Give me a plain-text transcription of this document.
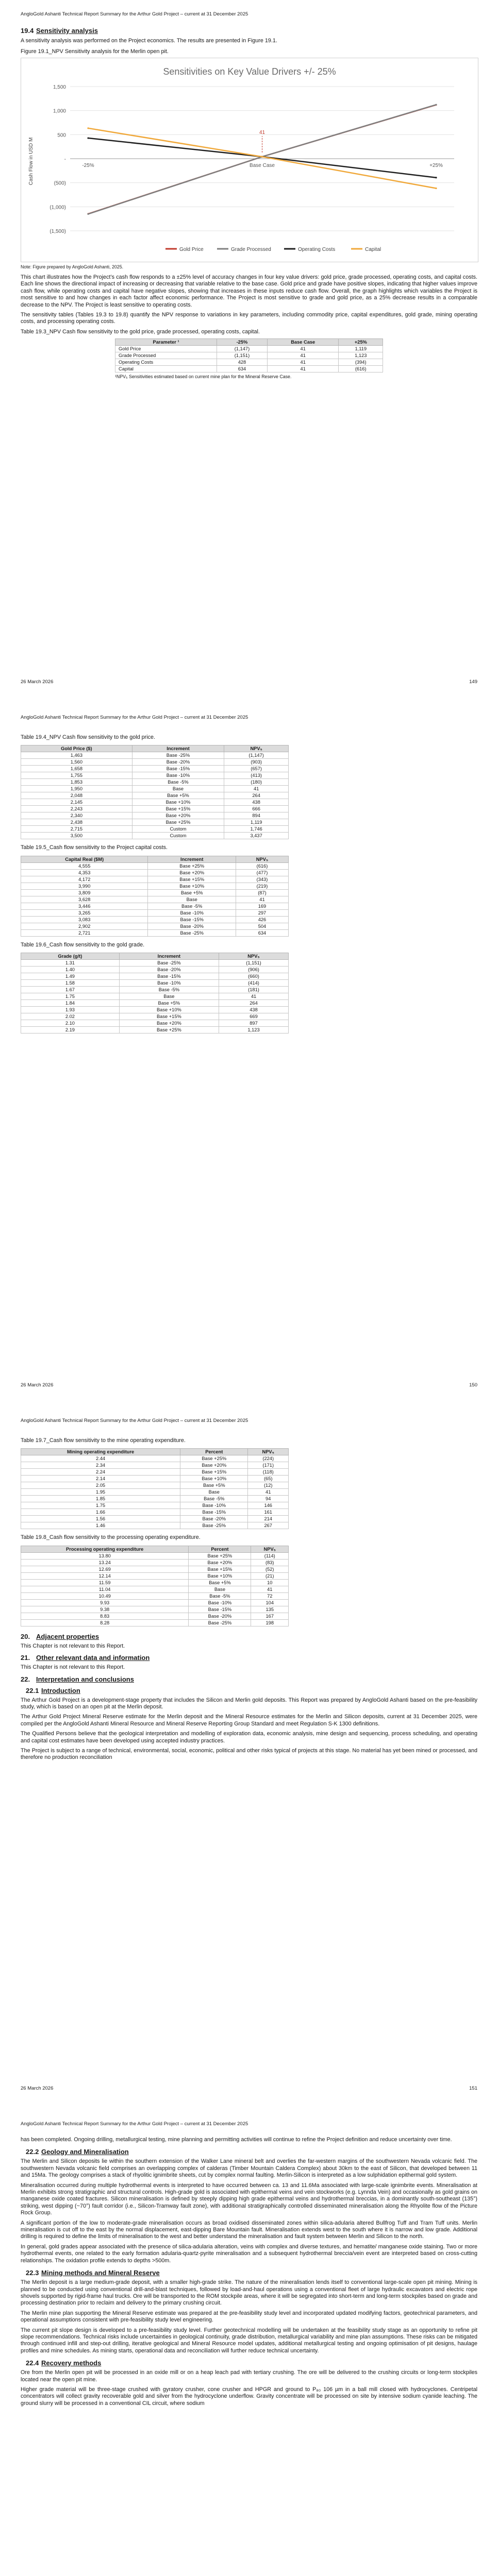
AngloGold Ashanti Technical Report Summary for the Arthur Gold Project – current at 31 December 2025
19.4 Sensitivity analysis

A sensitivity analysis was performed on the Project economics. The results are presented in Figure 19.1.

Figure 19.1_NPV Sensitivity analysis for the Merlin open pit.

Sensitivities on Key Value Drivers +/- 25%
1,500
1,000
500
-
(500)
(1,000)
(1,500)
-25%	Base Case	+25%
41
Cash Flow in USD M
Gold Price	Grade Processed	Operating Costs	Capital

Note: Figure prepared by AngloGold Ashanti, 2025.

This chart illustrates how the Project’s cash flow responds to a ±25% level of accuracy changes in four key value drivers: gold price, grade processed, operating costs, and capital costs. Each line shows the directional impact of increasing or decreasing that variable relative to the base case. Gold price and grade have positive slopes, indicating that higher values improve cash flow, while operating costs and capital have negative slopes, showing that increases in these inputs reduce cash flow. Overall, the graph highlights which variables the Project is most sensitive to and how changes in each factor affect economic performance. The Project is most sensitive to grade and gold price, as a 25% decrease results in a comparable decrease to the NPV. The Project is least sensitive to operating costs.

The sensitivity tables (Tables 19.3 to 19.8) quantify the NPV response to variations in key parameters, including commodity price, capital expenditures, gold grade, mining operating costs, and processing operating costs.

Table 19.3_NPV Cash flow sensitivity to the gold price, grade processed, operating costs, capital.

Parameter ¹	-25%	Base Case	+25%
Gold Price	(1,147)	41	1,119
Grade Processed	(1,151)	41	1,123
Operating Costs	428	41	(394)
Capital	634	41	(616)

¹NPV₅ Sensitivities estimated based on current mine plan for the Mineral Reserve Case.

26 March 2026	149
AngloGold Ashanti Technical Report Summary for the Arthur Gold Project – current at 31 December 2025

Table 19.4_NPV Cash flow sensitivity to the gold price.

Gold Price ($)	Increment	NPV₅
1,463	Base -25%	(1,147)
1,560	Base -20%	(903)
1,658	Base -15%	(657)
1,755	Base -10%	(413)
1,853	Base -5%	(180)
1,950	Base	41
2,048	Base +5%	264
2,145	Base +10%	438
2,243	Base +15%	666
2,340	Base +20%	894
2,438	Base +25%	1,119
2,715	Custom	1,746
3,500	Custom	3,437

Table 19.5_Cash flow sensitivity to the Project capital costs.

Capital Real ($M)	Increment	NPV₅
4,555	Base +25%	(616)
4,353	Base +20%	(477)
4,172	Base +15%	(343)
3,990	Base +10%	(219)
3,809	Base +5%	(87)
3,628	Base	41
3,446	Base -5%	169
3,265	Base -10%	297
3,083	Base -15%	426
2,902	Base -20%	504
2,721	Base -25%	634

Table 19.6_Cash flow sensitivity to the gold grade.

Grade (g/t)	Increment	NPV₅
1.31	Base -25%	(1,151)
1.40	Base -20%	(906)
1.49	Base -15%	(660)
1.58	Base -10%	(414)
1.67	Base -5%	(181)
1.75	Base	41
1.84	Base +5%	264
1.93	Base +10%	438
2.02	Base +15%	669
2.10	Base +20%	897
2.19	Base +25%	1,123
26 March 2026	150
AngloGold Ashanti Technical Report Summary for the Arthur Gold Project – current at 31 December 2025

Table 19.7_Cash flow sensitivity to the mine operating expenditure.

Mining operating expenditure	Percent	NPV₅
2.44	Base +25%	(224)
2.34	Base +20%	(171)
2.24	Base +15%	(118)
2.14	Base +10%	(65)
2.05	Base +5%	(12)
1.95	Base	41
1.85	Base -5%	94
1.75	Base -10%	146
1.66	Base -15%	161
1.56	Base -20%	214
1.46	Base -25%	267

Table 19.8_Cash flow sensitivity to the processing operating expenditure.

Processing operating expenditure	Percent	NPV₅
13.80	Base +25%	(114)
13.24	Base +20%	(83)
12.69	Base +15%	(52)
12.14	Base +10%	(21)
11.59	Base +5%	10
11.04	Base	41
10.49	Base -5%	72
9.93	Base -10%	104
9.38	Base -15%	135
8.83	Base -20%	167
8.28	Base -25%	198
20. Adjacent properties

This Chapter is not relevant to this Report.

21. Other relevant data and information

This Chapter is not relevant to this Report.

22. Interpretation and conclusions
22.1 Introduction

The Arthur Gold Project is a development-stage property that includes the Silicon and Merlin gold deposits. This Report was prepared by AngloGold Ashanti based on the pre-feasibility study, which is based on an open pit at the Merlin deposit.

The Arthur Gold Project Mineral Reserve estimate for the Merlin deposit and the Mineral Resource estimates for the Merlin and Silicon deposits, current at 31 December 2025, were compiled per the AngloGold Ashanti Mineral Resource and Mineral Reserve Reporting Group Standard and meet Regulation S-K 1300 definitions.

The Qualified Persons believe that the geological interpretation and modelling of exploration data, economic analysis, mine design and sequencing, process scheduling, and operating and capital cost estimates have been developed using accepted industry practices.

The Project is subject to a range of technical, environmental, social, economic, political and other risks typical of projects at this stage. No material has yet been mined or processed, and therefore no production reconciliation

26 March 2026	151
AngloGold Ashanti Technical Report Summary for the Arthur Gold Project – current at 31 December 2025

has been completed. Ongoing drilling, metallurgical testing, mine planning and permitting activities will continue to refine the Project definition and reduce uncertainty over time.

22.2 Geology and Mineralisation

The Merlin and Silicon deposits lie within the southern extension of the Walker Lane mineral belt and overlies the far-western margins of the southwestern Nevada volcanic field. The southwestern Nevada volcanic field comprises an overlapping complex of calderas (Timber Mountain Caldera Complex) about 30km to the east of Silicon, that developed between 11 and 15Ma. The geology comprises a stack of rhyolitic ignimbrite sheets, cut by complex normal faulting. Merlin-Silicon is interpreted as a low sulphidation epithermal gold system.

Mineralisation occurred during multiple hydrothermal events is interpreted to have occurred between ca. 13 and 11.6Ma associated with large-scale ignimbrite events. Mineralisation at Merlin exhibits strong stratigraphic and structural controls. High-grade gold is associated with epithermal veins and vein stockworks (e.g. Lynnda Vein) and occasionally as gold grains on manganese oxide coated fractures. Silicon mineralisation is defined by steeply dipping high grade epithermal veins and hydrothermal breccias, in a dominantly south-southeast (135°) striking, west dipping (~70°) fault corridor (i.e., Silicon-Tramway fault zone), with additional stratigraphically controlled disseminated mineralisation along the Rhyolite flow of the Picture Rock Group.

A significant portion of the low to moderate-grade mineralisation occurs as broad oxidised disseminated zones within silica-adularia altered Bullfrog Tuff and Tram Tuff units. Merlin mineralisation is cut off to the east by the normal displacement, east-dipping Bare Mountain fault. Mineralisation extends west to the south where it is narrow and low grade. Additional drilling is required to define the limits of mineralisation to the west and better understand the mineralisation and fault system between Merlin and Silicon to the north.

In general, gold grades appear associated with the presence of silica-adularia alteration, veins with complex and diverse textures, and hematite/ manganese oxide staining. Two or more hydrothermal events, one related to the early formation adularia-quartz-pyrite mineralisation and a subsequent hydrothermal breccia/vein event are interpreted based on cross-cutting relationships. The oxidation profile extends to depths >500m.

22.3 Mining methods and Mineral Reserve

The Merlin deposit is a large medium-grade deposit, with a smaller high-grade strike. The nature of the mineralisation lends itself to conventional large-scale open pit mining. Mining is planned to be conducted using conventional drill-and-blast techniques, followed by load-and-haul operations using a conventional fleet of large hydraulic excavators and electric rope shovels supported by rigid-frame haul trucks. Ore will be transported to the ROM stockpile areas, where it will be segregated into short-term and long-term stockpiles based on grade and processing destination prior to reclaim and delivery to the primary crushing circuit.

The Merlin mine plan supporting the Mineral Reserve estimate was prepared at the pre-feasibility study level and incorporated updated modifying factors, geotechnical parameters, and operational assumptions consistent with pre-feasibility study level engineering.

The current pit slope design is developed to a pre-feasibility study level. Further geotechnical modelling will be undertaken at the feasibility study stage as an opportunity to refine pit slope recommendations. Technical risks include uncertainties in geological continuity, grade distribution, metallurgical variability and mine plan assumptions. These risks can be mitigated through continued infill and step-out drilling, iterative geological and Mineral Resource model updates, additional metallurgical testing and ongoing optimisation of pit designs, haulage profiles and mine schedules. As mining starts, operational data and reconciliation will further reduce technical uncertainty.

22.4 Recovery methods

Ore from the Merlin open pit will be processed in an oxide mill or on a heap leach pad with tertiary crushing. The ore will be delivered to the crushing circuits or long-term stockpiles located near the open pit mine.

Higher grade material will be three-stage crushed with gyratory crusher, cone crusher and HPGR and ground to P₈₀ 106 µm in a ball mill closed with hydrocyclones. Centripetal concentrators will collect gravity recoverable gold and silver from the hydrocyclone underflow. Gravity concentrate will be processed on site by intensive sodium cyanide leaching. The ground slurry will be processed in a conventional CIL circuit, where sodium
